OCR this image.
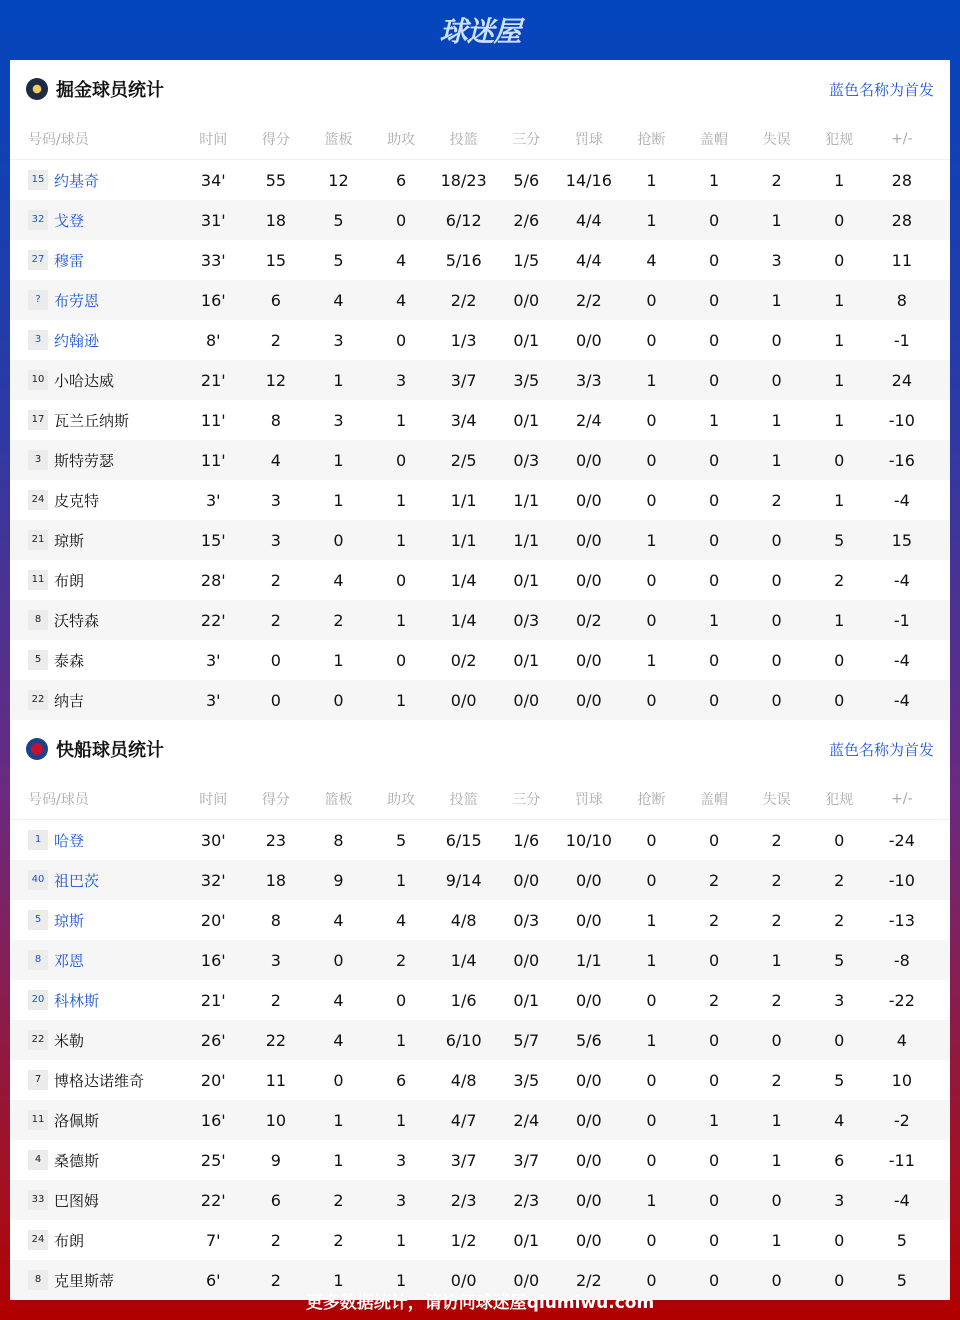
球迷屋
掘金球员统计	蓝色名称为首发
号码/球员	时间	得分	篮板	助攻	投篮	三分	罚球	抢断	盖帽	失误	犯规	+/-
15 约基奇	34'	55	12	6	18/23	5/6	14/16	1	1	2	1	28
32 戈登	31'	18	5	0	6/12	2/6	4/4	1	0	1	0	28
27 穆雷	33'	15	5	4	5/16	1/5	4/4	4	0	3	0	11
? 布劳恩	16'	6	4	4	2/2	0/0	2/2	0	0	1	1	8
3 约翰逊	8'	2	3	0	1/3	0/1	0/0	0	0	0	1	-1
10 小哈达威	21'	12	1	3	3/7	3/5	3/3	1	0	0	1	24
17 瓦兰丘纳斯	11'	8	3	1	3/4	0/1	2/4	0	1	1	1	-10
3 斯特劳瑟	11'	4	1	0	2/5	0/3	0/0	0	0	1	0	-16
24 皮克特	3'	3	1	1	1/1	1/1	0/0	0	0	2	1	-4
21 琼斯	15'	3	0	1	1/1	1/1	0/0	1	0	0	5	15
11 布朗	28'	2	4	0	1/4	0/1	0/0	0	0	0	2	-4
8 沃特森	22'	2	2	1	1/4	0/3	0/2	0	1	0	1	-1
5 泰森	3'	0	1	0	0/2	0/1	0/0	1	0	0	0	-4
22 纳吉	3'	0	0	1	0/0	0/0	0/0	0	0	0	0	-4
快船球员统计	蓝色名称为首发
号码/球员	时间	得分	篮板	助攻	投篮	三分	罚球	抢断	盖帽	失误	犯规	+/-
1 哈登	30'	23	8	5	6/15	1/6	10/10	0	0	2	0	-24
40 祖巴茨	32'	18	9	1	9/14	0/0	0/0	0	2	2	2	-10
5 琼斯	20'	8	4	4	4/8	0/3	0/0	1	2	2	2	-13
8 邓恩	16'	3	0	2	1/4	0/0	1/1	1	0	1	5	-8
20 科林斯	21'	2	4	0	1/6	0/1	0/0	0	2	2	3	-22
22 米勒	26'	22	4	1	6/10	5/7	5/6	1	0	0	0	4
7 博格达诺维奇	20'	11	0	6	4/8	3/5	0/0	0	0	2	5	10
11 洛佩斯	16'	10	1	1	4/7	2/4	0/0	0	1	1	4	-2
4 桑德斯	25'	9	1	3	3/7	3/7	0/0	0	0	1	6	-11
33 巴图姆	22'	6	2	3	2/3	2/3	0/0	1	0	0	3	-4
24 布朗	7'	2	2	1	1/2	0/1	0/0	0	0	1	0	5
8 克里斯蒂	6'	2	1	1	0/0	0/0	2/2	0	0	0	0	5
更多数据统计，请访问球迷屋qiumiwu.com
